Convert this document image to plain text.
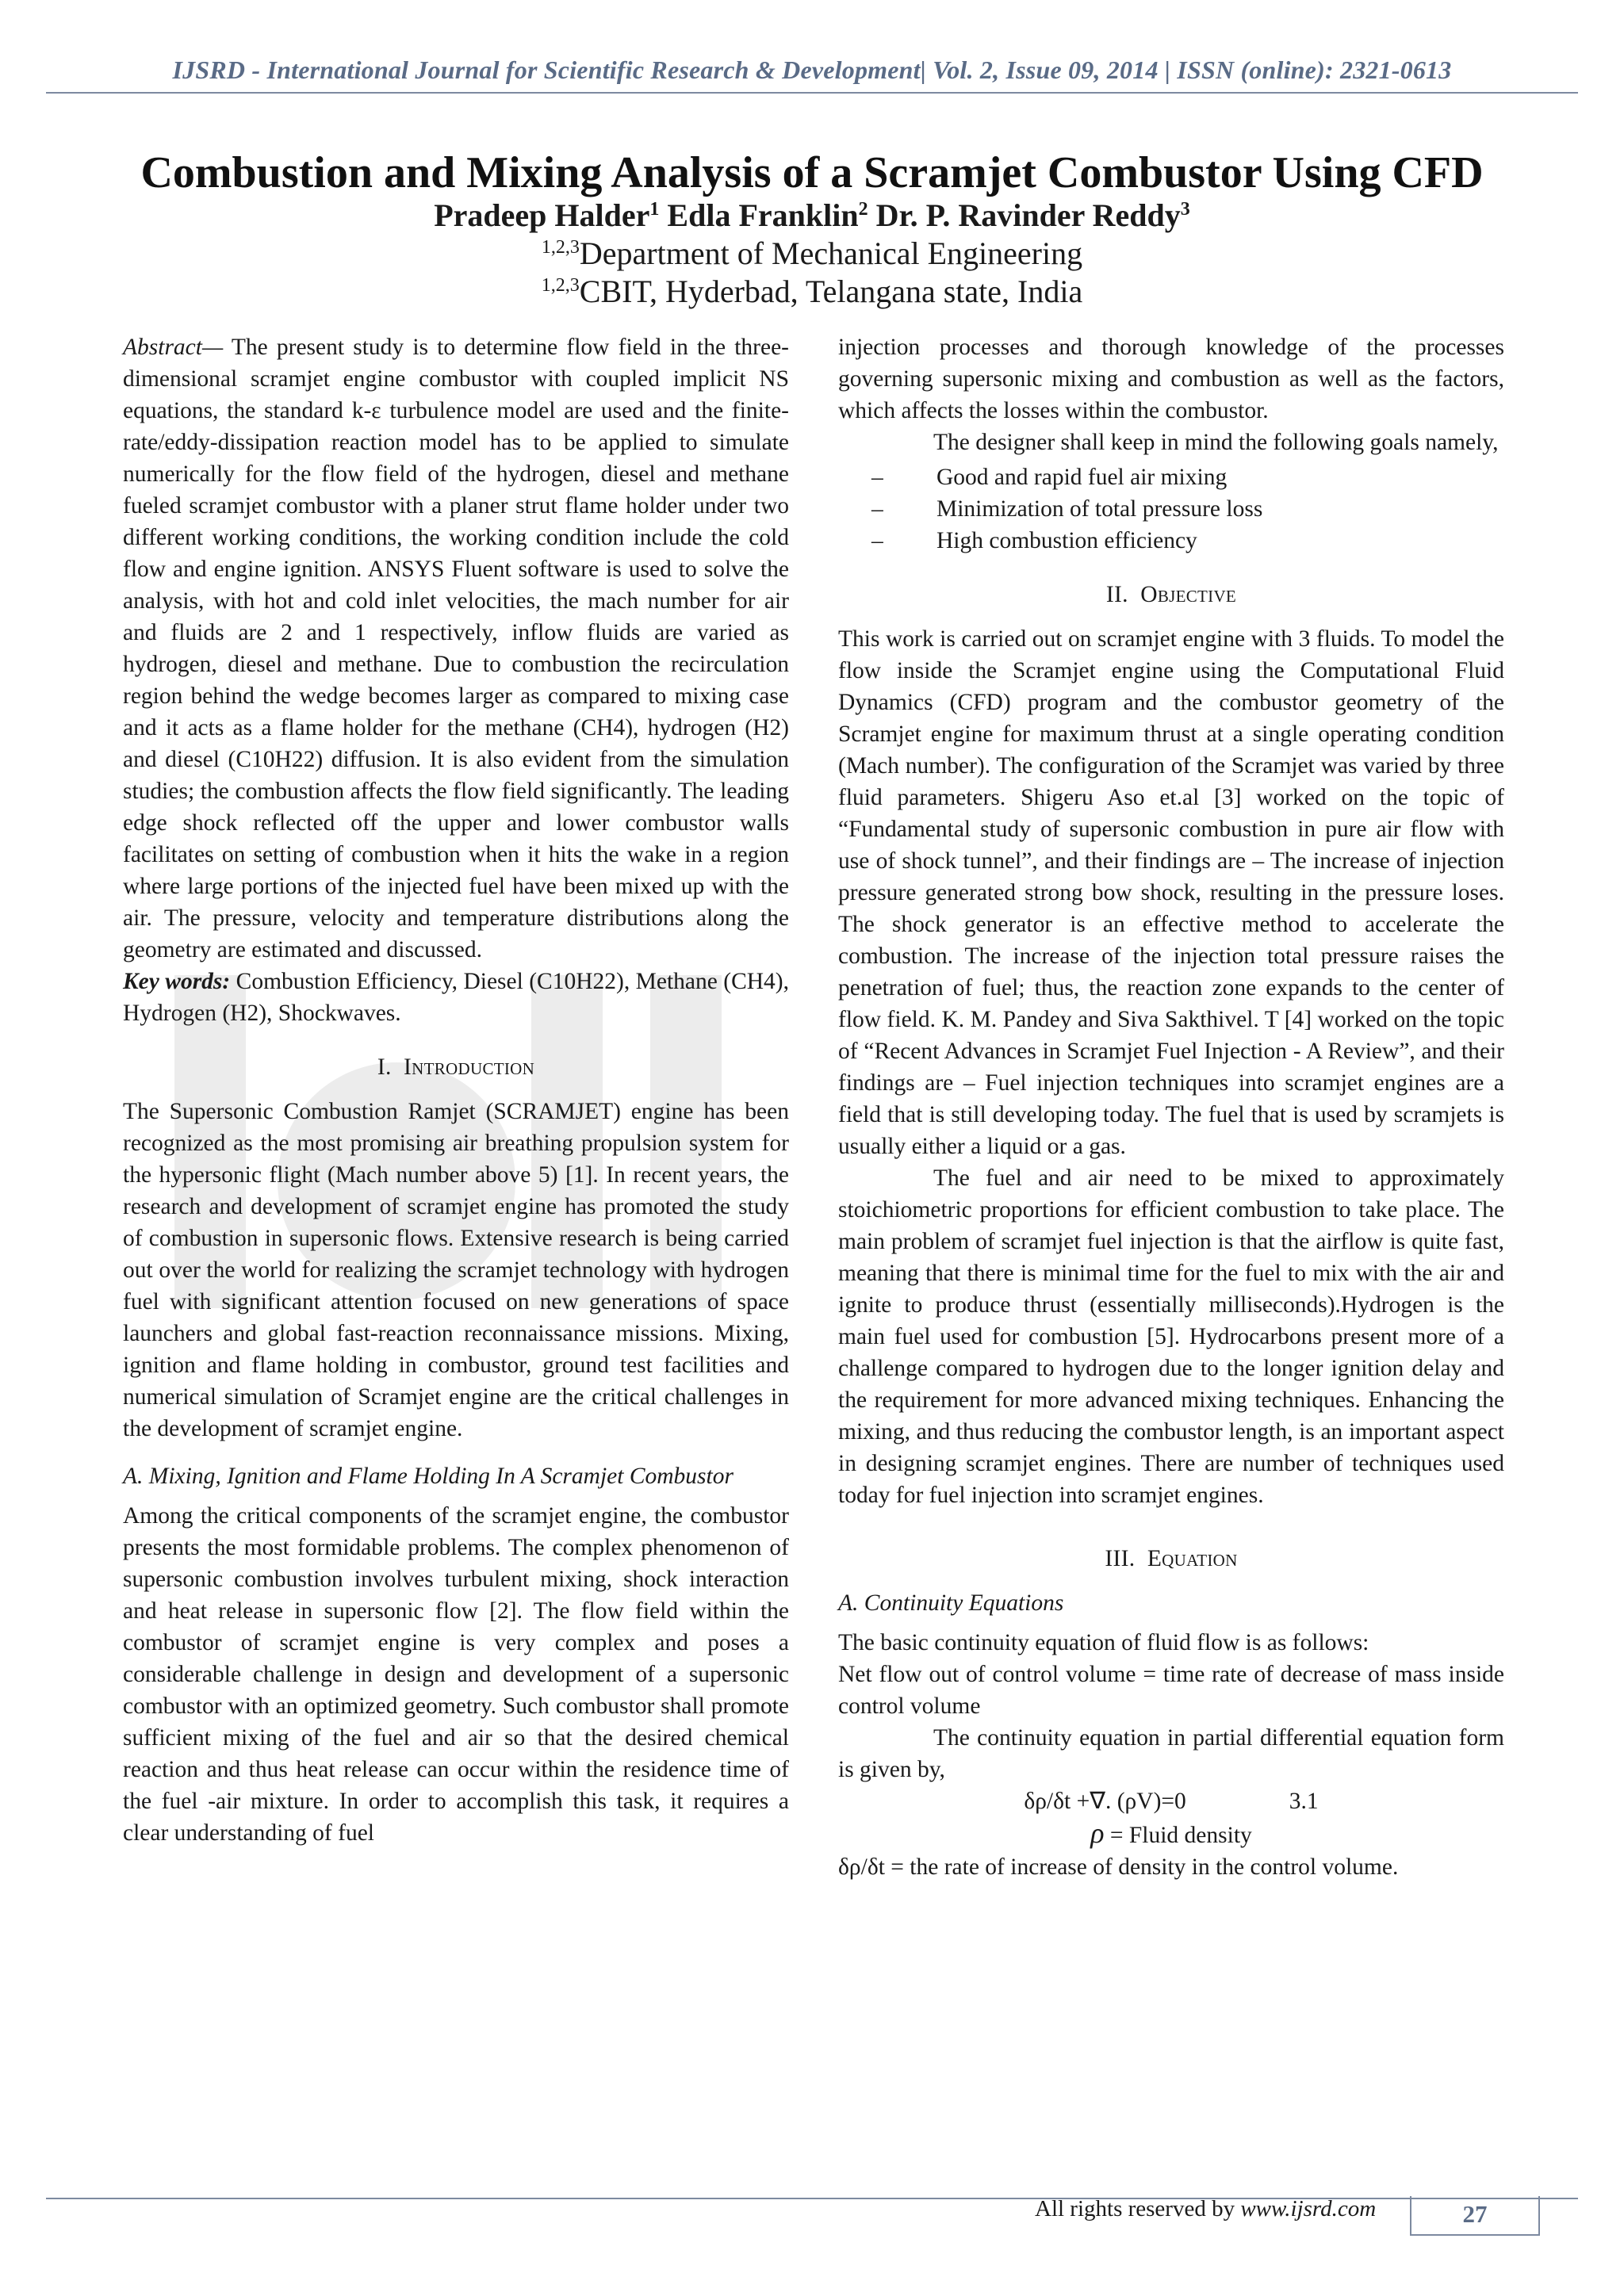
IJSRD - International Journal for Scientific Research & Development| Vol. 2, Issue 09, 2014 | ISSN (online): 2321-0613
Combustion and Mixing Analysis of a Scramjet Combustor Using CFD
Pradeep Halder$^1$ Edla Franklin$^2$ Dr. P. Ravinder Reddy$^3$
$^{1,2,3}$Department of Mechanical Engineering
$^{1,2,3}$CBIT, Hyderbad, Telangana state, India

Abstract— The present study is to determine flow field in the three-dimensional scramjet engine combustor with coupled implicit NS equations, the standard k-ε turbulence model are used and the finite-rate/eddy-dissipation reaction model has to be applied to simulate numerically for the flow field of the hydrogen, diesel and methane fueled scramjet combustor with a planer strut flame holder under two different working conditions, the working condition include the cold flow and engine ignition. ANSYS Fluent software is used to solve the analysis, with hot and cold inlet velocities, the mach number for air and fluids are 2 and 1 respectively, inflow fluids are varied as hydrogen, diesel and methane. Due to combustion the recirculation region behind the wedge becomes larger as compared to mixing case and it acts as a flame holder for the methane (CH4), hydrogen (H2) and diesel (C10H22) diffusion. It is also evident from the simulation studies; the combustion affects the flow field significantly. The leading edge shock reflected off the upper and lower combustor walls facilitates on setting of combustion when it hits the wake in a region where large portions of the injected fuel have been mixed up with the air. The pressure, velocity and temperature distributions along the geometry are estimated and discussed.

Key words: Combustion Efficiency, Diesel (C10H22), Methane (CH4), Hydrogen (H2), Shockwaves.

I. Introduction

The Supersonic Combustion Ramjet (SCRAMJET) engine has been recognized as the most promising air breathing propulsion system for the hypersonic flight (Mach number above 5) [1]. In recent years, the research and development of scramjet engine has promoted the study of combustion in supersonic flows. Extensive research is being carried out over the world for realizing the scramjet technology with hydrogen fuel with significant attention focused on new generations of space launchers and global fast-reaction reconnaissance missions. Mixing, ignition and flame holding in combustor, ground test facilities and numerical simulation of Scramjet engine are the critical challenges in the development of scramjet engine.

A. Mixing, Ignition and Flame Holding In A Scramjet Combustor

Among the critical components of the scramjet engine, the combustor presents the most formidable problems. The complex phenomenon of supersonic combustion involves turbulent mixing, shock interaction and heat release in supersonic flow [2]. The flow field within the combustor of scramjet engine is very complex and poses a considerable challenge in design and development of a supersonic combustor with an optimized geometry. Such combustor shall promote sufficient mixing of the fuel and air so that the desired chemical reaction and thus heat release can occur within the residence time of the fuel -air mixture. In order to accomplish this task, it requires a clear understanding of fuel

injection processes and thorough knowledge of the processes governing supersonic mixing and combustion as well as the factors, which affects the losses within the combustor.

The designer shall keep in mind the following goals namely,

–	Good and rapid fuel air mixing
–	Minimization of total pressure loss
–	High combustion efficiency

II. Objective

This work is carried out on scramjet engine with 3 fluids. To model the flow inside the Scramjet engine using the Computational Fluid Dynamics (CFD) program and the combustor geometry of the Scramjet engine for maximum thrust at a single operating condition (Mach number). The configuration of the Scramjet was varied by three fluid parameters. Shigeru Aso et.al [3] worked on the topic of “Fundamental study of supersonic combustion in pure air flow with use of shock tunnel”, and their findings are – The increase of injection pressure generated strong bow shock, resulting in the pressure loses. The shock generator is an effective method to accelerate the combustion. The increase of the injection total pressure raises the penetration of fuel; thus, the reaction zone expands to the center of flow field. K. M. Pandey and Siva Sakthivel. T [4] worked on the topic of “Recent Advances in Scramjet Fuel Injection - A Review”, and their findings are – Fuel injection techniques into scramjet engines are a field that is still developing today. The fuel that is used by scramjets is usually either a liquid or a gas.

The fuel and air need to be mixed to approximately stoichiometric proportions for efficient combustion to take place. The main problem of scramjet fuel injection is that the airflow is quite fast, meaning that there is minimal time for the fuel to mix with the air and ignite to produce thrust (essentially milliseconds).Hydrogen is the main fuel used for combustion [5]. Hydrocarbons present more of a challenge compared to hydrogen due to the longer ignition delay and the requirement for more advanced mixing techniques. Enhancing the mixing, and thus reducing the combustor length, is an important aspect in designing scramjet engines. There are number of techniques used today for fuel injection into scramjet engines.

III. Equation

A. Continuity Equations

The basic continuity equation of fluid flow is as follows:

Net flow out of control volume = time rate of decrease of mass inside control volume

The continuity equation in partial differential equation form is given by,

δρ/δt +∇. (ρV)=0	3.1

ρ = Fluid density

δρ/δt = the rate of increase of density in the control volume.

All rights reserved by www.ijsrd.com	27
